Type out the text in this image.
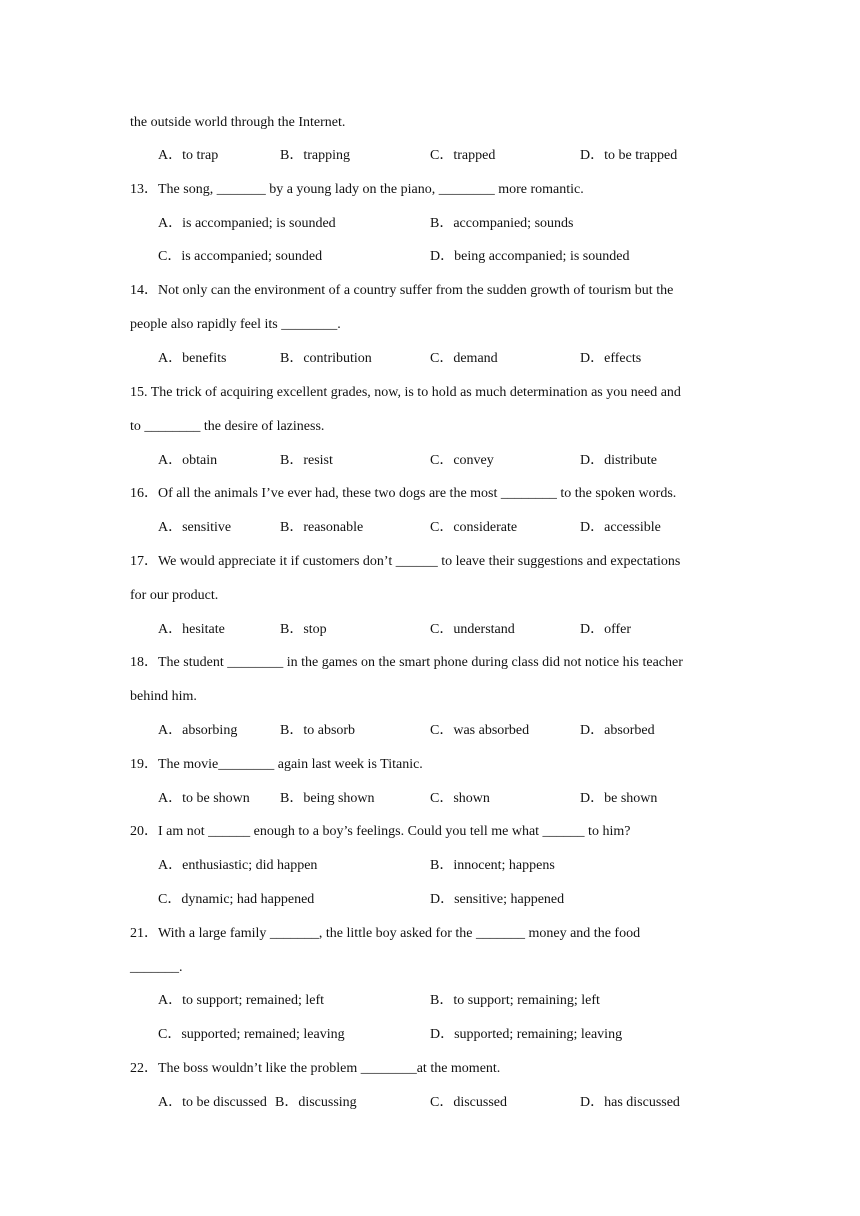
the outside world through the Internet.
A．to trap	B．trapping	C．trapped	D．to be trapped
13．The song, _______ by a young lady on the piano, ________ more romantic.
A．is accompanied; is sounded	B．accompanied; sounds
C．is accompanied; sounded	D．being accompanied; is sounded
14．Not only can the environment of a country suffer from the sudden growth of tourism but the
people also rapidly feel its ________.
A．benefits	B．contribution	C．demand	D．effects
15. The trick of acquiring excellent grades, now, is to hold as much determination as you need and
to ________ the desire of laziness.
A．obtain	B．resist	C．convey	D．distribute
16．Of all the animals I’ve ever had, these two dogs are the most ________ to the spoken words.
A．sensitive	B．reasonable	C．considerate	D．accessible
17．We would appreciate it if customers don’t ______ to leave their suggestions and expectations
for our product.
A．hesitate	B．stop	C．understand	D．offer
18．The student ________ in the games on the smart phone during class did not notice his teacher
behind him.
A．absorbing	B．to absorb	C．was absorbed	D．absorbed
19．The movie________ again last week is Titanic.
A．to be shown B．being shown	C．shown	D．be shown
20．I am not ______ enough to a boy’s feelings. Could you tell me what ______ to him?
A．enthusiastic; did happen	B．innocent; happens
C．dynamic; had happened	D．sensitive; happened
21．With a large family _______, the little boy asked for the _______ money and the food
_______.
A．to support; remained; left	B．to support; remaining; left
C．supported; remained; leaving	D．supported; remaining; leaving
22．The boss wouldn’t like the problem ________at the moment.
A．to be discussed B．discussing	C．discussed	D．has discussed
